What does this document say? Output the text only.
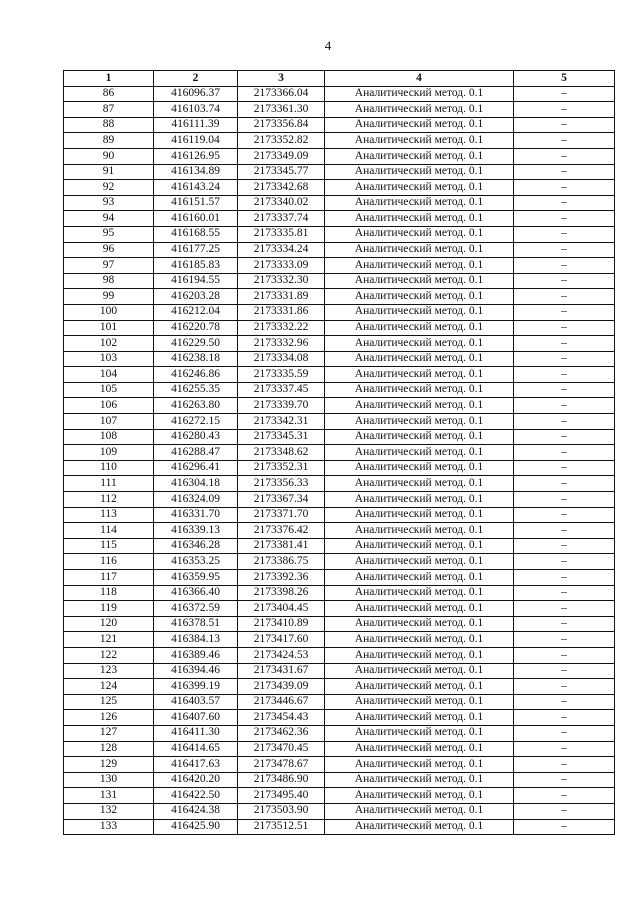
4
1	2	3	4	5
86	416096.37	2173366.04	Аналитический метод. 0.1	–
87	416103.74	2173361.30	Аналитический метод. 0.1	–
88	416111.39	2173356.84	Аналитический метод. 0.1	–
89	416119.04	2173352.82	Аналитический метод. 0.1	–
90	416126.95	2173349.09	Аналитический метод. 0.1	–
91	416134.89	2173345.77	Аналитический метод. 0.1	–
92	416143.24	2173342.68	Аналитический метод. 0.1	–
93	416151.57	2173340.02	Аналитический метод. 0.1	–
94	416160.01	2173337.74	Аналитический метод. 0.1	–
95	416168.55	2173335.81	Аналитический метод. 0.1	–
96	416177.25	2173334.24	Аналитический метод. 0.1	–
97	416185.83	2173333.09	Аналитический метод. 0.1	–
98	416194.55	2173332.30	Аналитический метод. 0.1	–
99	416203.28	2173331.89	Аналитический метод. 0.1	–
100	416212.04	2173331.86	Аналитический метод. 0.1	–
101	416220.78	2173332.22	Аналитический метод. 0.1	–
102	416229.50	2173332.96	Аналитический метод. 0.1	–
103	416238.18	2173334.08	Аналитический метод. 0.1	–
104	416246.86	2173335.59	Аналитический метод. 0.1	–
105	416255.35	2173337.45	Аналитический метод. 0.1	–
106	416263.80	2173339.70	Аналитический метод. 0.1	–
107	416272.15	2173342.31	Аналитический метод. 0.1	–
108	416280.43	2173345.31	Аналитический метод. 0.1	–
109	416288.47	2173348.62	Аналитический метод. 0.1	–
110	416296.41	2173352.31	Аналитический метод. 0.1	–
111	416304.18	2173356.33	Аналитический метод. 0.1	–
112	416324.09	2173367.34	Аналитический метод. 0.1	–
113	416331.70	2173371.70	Аналитический метод. 0.1	–
114	416339.13	2173376.42	Аналитический метод. 0.1	–
115	416346.28	2173381.41	Аналитический метод. 0.1	–
116	416353.25	2173386.75	Аналитический метод. 0.1	–
117	416359.95	2173392.36	Аналитический метод. 0.1	–
118	416366.40	2173398.26	Аналитический метод. 0.1	–
119	416372.59	2173404.45	Аналитический метод. 0.1	–
120	416378.51	2173410.89	Аналитический метод. 0.1	–
121	416384.13	2173417.60	Аналитический метод. 0.1	–
122	416389.46	2173424.53	Аналитический метод. 0.1	–
123	416394.46	2173431.67	Аналитический метод. 0.1	–
124	416399.19	2173439.09	Аналитический метод. 0.1	–
125	416403.57	2173446.67	Аналитический метод. 0.1	–
126	416407.60	2173454.43	Аналитический метод. 0.1	–
127	416411.30	2173462.36	Аналитический метод. 0.1	–
128	416414.65	2173470.45	Аналитический метод. 0.1	–
129	416417.63	2173478.67	Аналитический метод. 0.1	–
130	416420.20	2173486.90	Аналитический метод. 0.1	–
131	416422.50	2173495.40	Аналитический метод. 0.1	–
132	416424.38	2173503.90	Аналитический метод. 0.1	–
133	416425.90	2173512.51	Аналитический метод. 0.1	–
